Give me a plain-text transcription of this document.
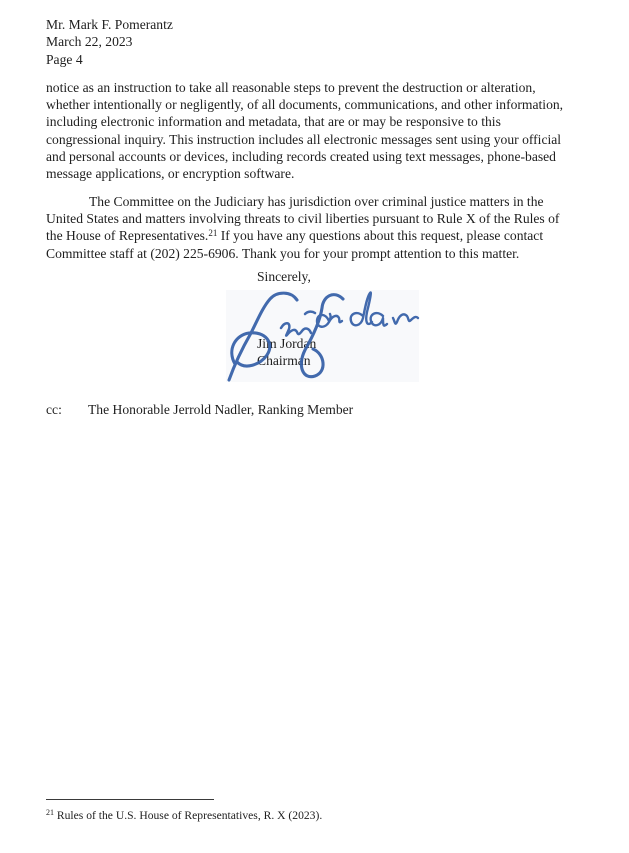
Mr. Mark F. Pomerantz
March 22, 2023
Page 4
notice as an instruction to take all reasonable steps to prevent the destruction or alteration,
whether intentionally or negligently, of all documents, communications, and other information,
including electronic information and metadata, that are or may be responsive to this
congressional inquiry. This instruction includes all electronic messages sent using your official
and personal accounts or devices, including records created using text messages, phone-based
message applications, or encryption software.
The Committee on the Judiciary has jurisdiction over criminal justice matters in the
United States and matters involving threats to civil liberties pursuant to Rule X of the Rules of
the House of Representatives.$^{21}$ If you have any questions about this request, please contact
Committee staff at (202) 225-6906. Thank you for your prompt attention to this matter.
Sincerely,
Jim Jordan
Chairman
cc: The Honorable Jerrold Nadler, Ranking Member
$^{21}$ Rules of the U.S. House of Representatives, R. X (2023).
